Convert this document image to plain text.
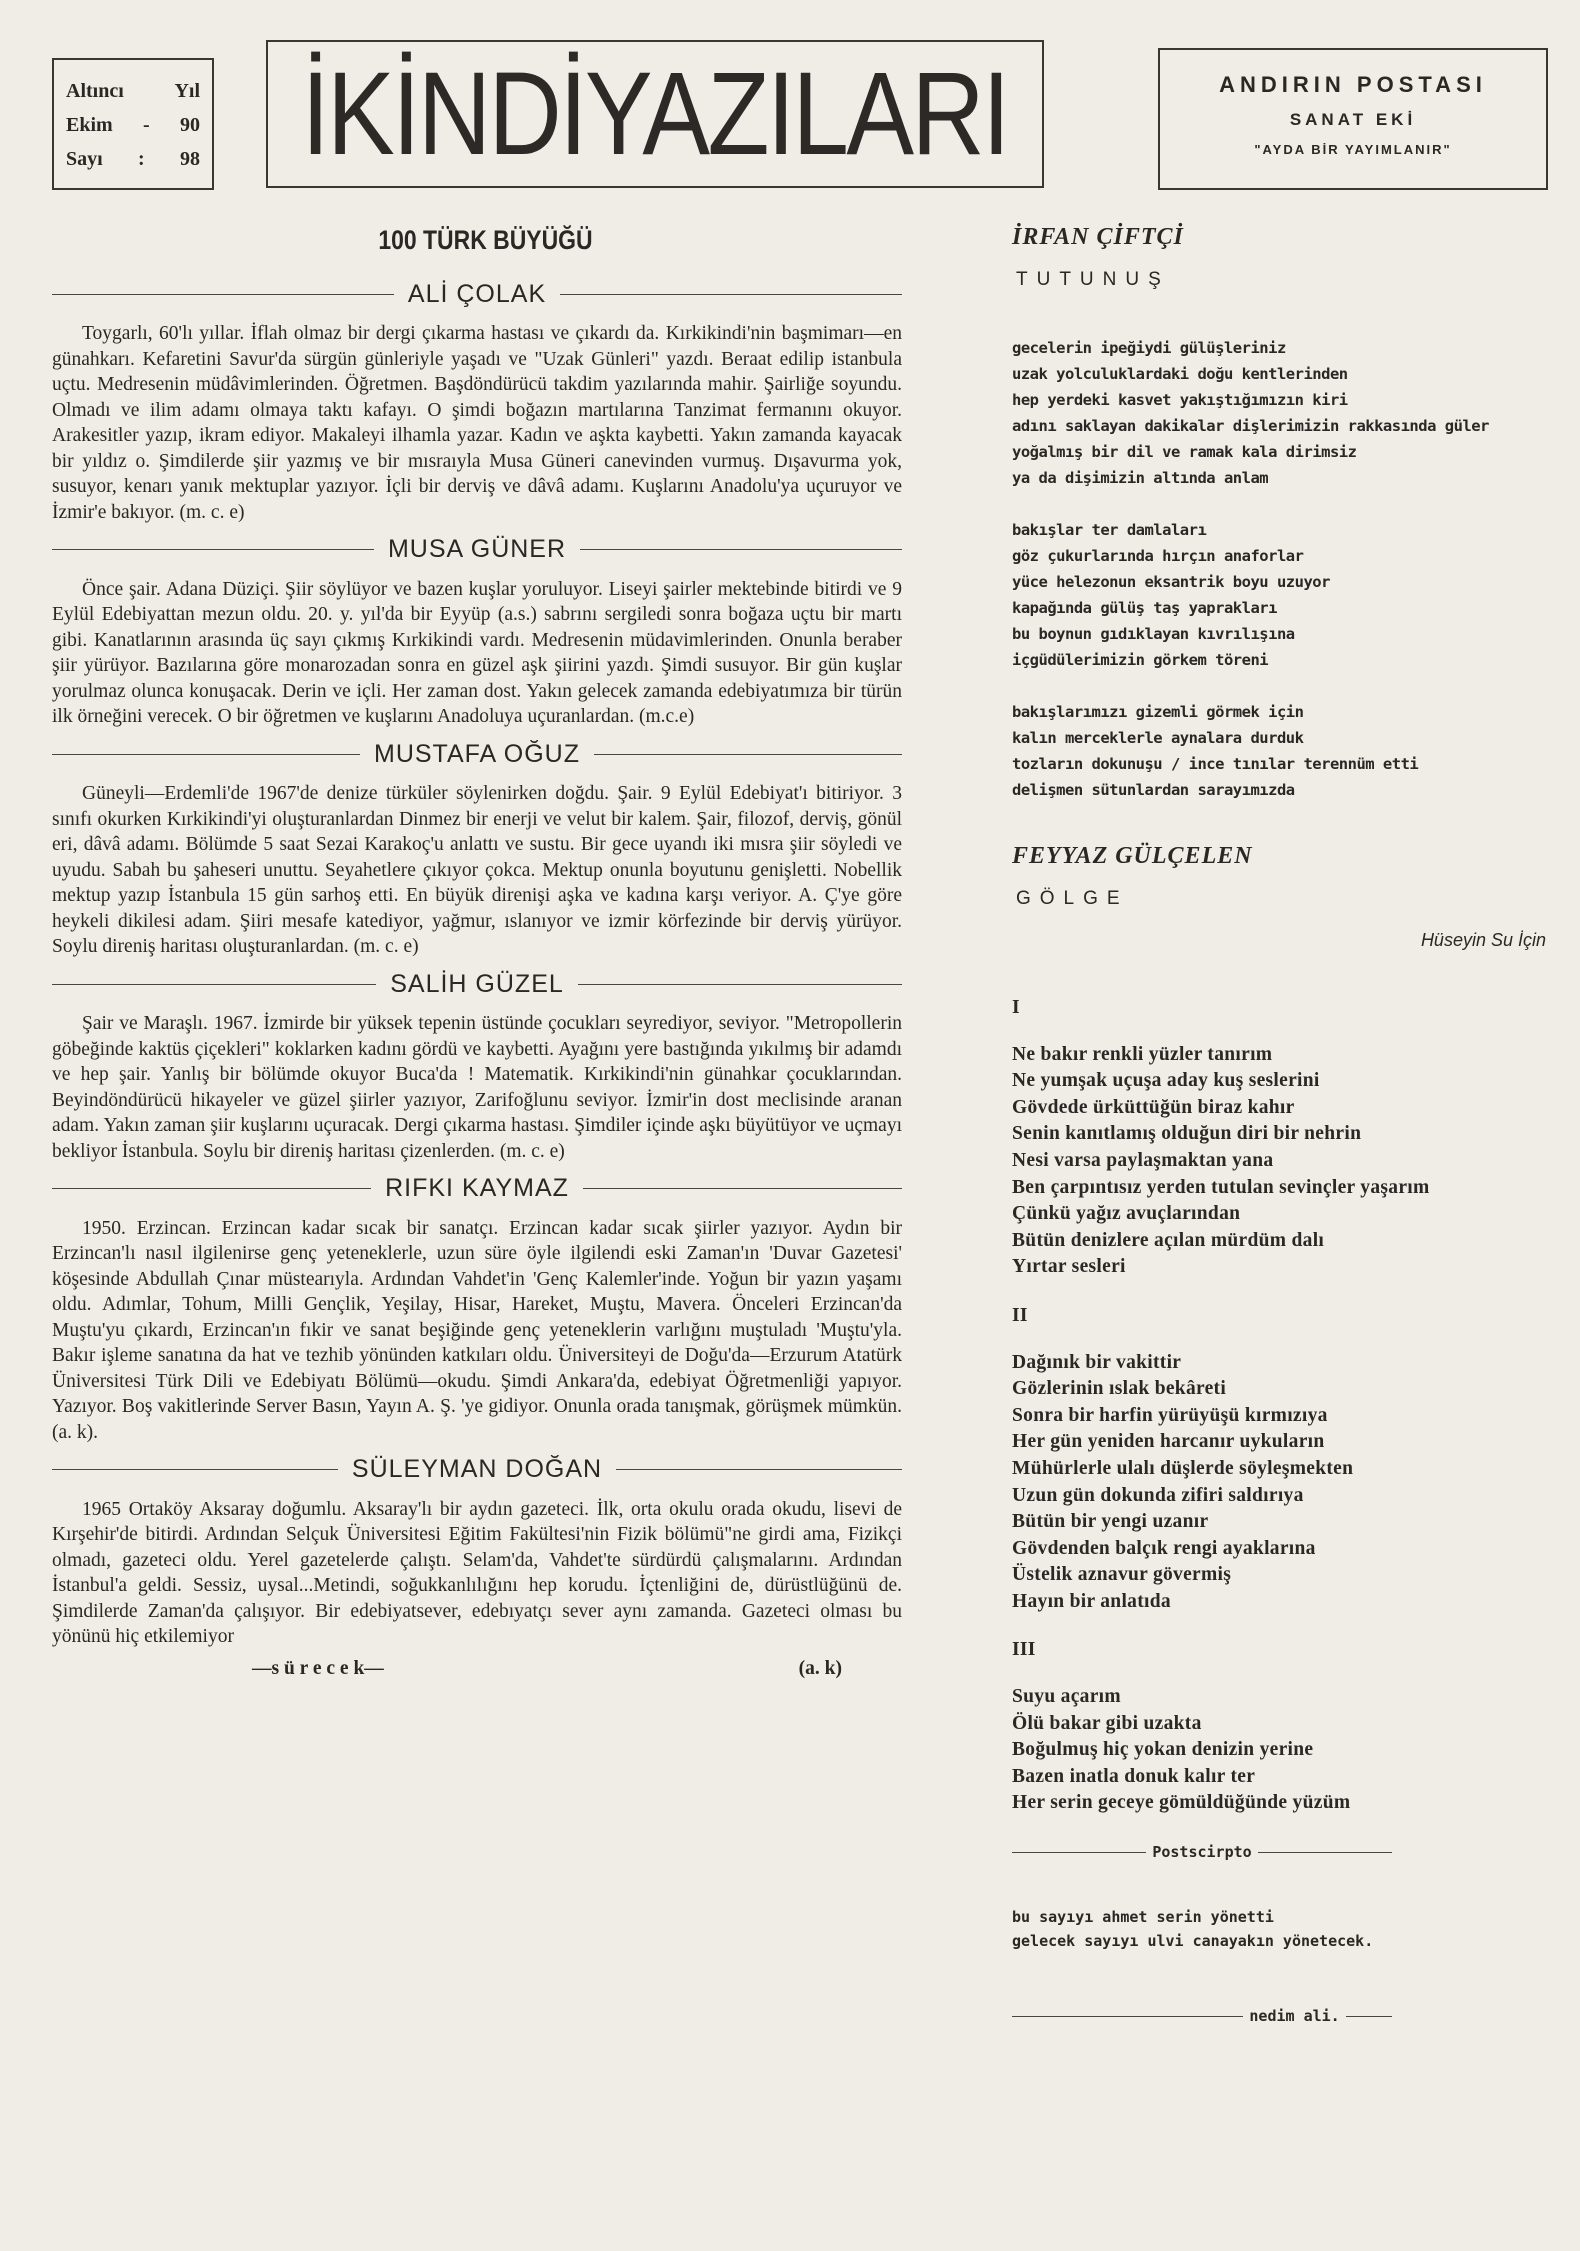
Altıncı	Yıl
Ekim - 90
Sayı : 98 İKİNDİYAZILARI	ANDIRIN POSTASI
SANAT EKİ
"AYDA BİR YAYIMLANIR"
100 TÜRK BÜYÜĞÜ
ALİ ÇOLAK

Toygarlı, 60'lı yıllar. İflah olmaz bir dergi çıkarma hastası ve çıkardı da. Kırkikindi'nin başmimarı—en günahkarı. Kefaretini Savur'da sürgün günleriyle yaşadı ve "Uzak Günleri" yazdı. Beraat edilip istanbula uçtu. Medresenin müdâvimlerinden. Öğretmen. Başdöndürücü takdim yazılarında mahir. Şairliğe soyundu. Olmadı ve ilim adamı olmaya taktı kafayı. O şimdi boğazın martılarına Tanzimat fermanını okuyor. Arakesitler yazıp, ikram ediyor. Makaleyi ilhamla yazar. Kadın ve aşkta kaybetti. Yakın zamanda kayacak bir yıldız o. Şimdilerde şiir yazmış ve bir mısraıyla Musa Güneri canevinden vurmuş. Dışavurma yok, susuyor, kenarı yanık mektuplar yazıyor. İçli bir derviş ve dâvâ adamı. Kuşlarını Anadolu'ya uçuruyor ve İzmir'e bakıyor. (m. c. e)

MUSA GÜNER

Önce şair. Adana Düziçi. Şiir söylüyor ve bazen kuşlar yoruluyor. Liseyi şairler mektebinde bitirdi ve 9 Eylül Edebiyattan mezun oldu. 20. y. yıl'da bir Eyyüp (a.s.) sabrını sergiledi sonra boğaza uçtu bir martı gibi. Kanatlarının arasında üç sayı çıkmış Kırkikindi vardı. Medresenin müdavimlerinden. Onunla beraber şiir yürüyor. Bazılarına göre monarozadan sonra en güzel aşk şiirini yazdı. Şimdi susuyor. Bir gün kuşlar yorulmaz olunca konuşacak. Derin ve içli. Her zaman dost. Yakın gelecek zamanda edebiyatımıza bir türün ilk örneğini verecek. O bir öğretmen ve kuşlarını Anadoluya uçuranlardan. (m.c.e)

MUSTAFA OĞUZ

Güneyli—Erdemli'de 1967'de denize türküler söylenirken doğdu. Şair. 9 Eylül Edebiyat'ı bitiriyor. 3 sınıfı okurken Kırkikindi'yi oluşturanlardan Dinmez bir enerji ve velut bir kalem. Şair, filozof, derviş, gönül eri, dâvâ adamı. Bölümde 5 saat Sezai Karakoç'u anlattı ve sustu. Bir gece uyandı iki mısra şiir söyledi ve uyudu. Sabah bu şaheseri unuttu. Seyahetlere çıkıyor çokca. Mektup onunla boyutunu genişletti. Nobellik mektup yazıp İstanbula 15 gün sarhoş etti. En büyük direnişi aşka ve kadına karşı veriyor. A. Ç'ye göre heykeli dikilesi adam. Şiiri mesafe katediyor, yağmur, ıslanıyor ve izmir körfezinde bir derviş yürüyor. Soylu direniş haritası oluşturanlardan. (m. c. e)

SALİH GÜZEL

Şair ve Maraşlı. 1967. İzmirde bir yüksek tepenin üstünde çocukları seyrediyor, seviyor. "Metropollerin göbeğinde kaktüs çiçekleri" koklarken kadını gördü ve kaybetti. Ayağını yere bastığında yıkılmış bir adamdı ve hep şair. Yanlış bir bölümde okuyor Buca'da ! Matematik. Kırkikindi'nin günahkar çocuklarından. Beyindöndürücü hikayeler ve güzel şiirler yazıyor, Zarifoğlunu seviyor. İzmir'in dost meclisinde aranan adam. Yakın zaman şiir kuşlarını uçuracak. Dergi çıkarma hastası. Şimdiler içinde aşkı büyütüyor ve uçmayı bekliyor İstanbula. Soylu bir direniş haritası çizenlerden. (m. c. e)

RIFKI KAYMAZ

1950. Erzincan. Erzincan kadar sıcak bir sanatçı. Erzincan kadar sıcak şiirler yazıyor. Aydın bir Erzincan'lı nasıl ilgilenirse genç yeteneklerle, uzun süre öyle ilgilendi eski Zaman'ın 'Duvar Gazetesi' köşesinde Abdullah Çınar müstearıyla. Ardından Vahdet'in 'Genç Kalemler'inde. Yoğun bir yazın yaşamı oldu. Adımlar, Tohum, Milli Gençlik, Yeşilay, Hisar, Hareket, Muştu, Mavera. Önceleri Erzincan'da Muştu'yu çıkardı, Erzincan'ın fıkir ve sanat beşiğinde genç yeteneklerin varlığını muştuladı 'Muştu'yla. Bakır işleme sanatına da hat ve tezhib yönünden katkıları oldu. Üniversiteyi de Doğu'da—Erzurum Atatürk Üniversitesi Türk Dili ve Edebiyatı Bölümü—okudu. Şimdi Ankara'da, edebiyat Öğretmenliği yapıyor. Yazıyor. Boş vakitlerinde Server Basın, Yayın A. Ş. 'ye gidiyor. Onunla orada tanışmak, görüşmek mümkün. (a. k).

SÜLEYMAN DOĞAN

1965 Ortaköy Aksaray doğumlu. Aksaray'lı bir aydın gazeteci. İlk, orta okulu orada okudu, lisevi de Kırşehir'de bitirdi. Ardından Selçuk Üniversitesi Eğitim Fakültesi'nin Fizik bölümü"ne girdi ama, Fizikçi olmadı, gazeteci oldu. Yerel gazetelerde çalıştı. Selam'da, Vahdet'te sürdürdü çalışmalarını. Ardından İstanbul'a geldi. Sessiz, uysal...Metindi, soğukkanlılığını hep korudu. İçtenliğini de, dürüstlüğünü de. Şimdilerde Zaman'da çalışıyor. Bir edebiyatsever, edebıyatçı sever aynı zamanda. Gazeteci olması bu yönünü hiç etkilemiyor

—s ü r e c e k—	(a. k)
İRFAN ÇİFTÇİ
TUTUNUŞ
gecelerin ipeğiydi gülüşleriniz
uzak yolculuklardaki doğu kentlerinden
hep yerdeki kasvet yakıştığımızın kiri
adını saklayan dakikalar dişlerimizin rakkasında güler
yoğalmış bir dil ve ramak kala dirimsiz
ya da dişimizin altında anlam
bakışlar ter damlaları
göz çukurlarında hırçın anaforlar
yüce helezonun eksantrik boyu uzuyor
kapağında gülüş taş yaprakları
bu boynun gıdıklayan kıvrılışına
içgüdülerimizin görkem töreni
bakışlarımızı gizemli görmek için
kalın merceklerle aynalara durduk
tozların dokunuşu / ince tınılar terennüm etti
delişmen sütunlardan sarayımızda
FEYYAZ GÜLÇELEN
GÖLGE
Hüseyin Su İçin
I
Ne bakır renkli yüzler tanırım
Ne yumşak uçuşa aday kuş seslerini
Gövdede ürküttüğün biraz kahır
Senin kanıtlamış olduğun diri bir nehrin
Nesi varsa paylaşmaktan yana
Ben çarpıntısız yerden tutulan sevinçler yaşarım
Çünkü yağız avuçlarından
Bütün denizlere açılan mürdüm dalı
Yırtar sesleri
II
Dağınık bir vakittir
Gözlerinin ıslak bekâreti
Sonra bir harfin yürüyüşü kırmızıya
Her gün yeniden harcanır uykuların
Mühürlerle ulalı düşlerde söyleşmekten
Uzun gün dokunda zifiri saldırıya
Bütün bir yengi uzanır
Gövdenden balçık rengi ayaklarına
Üstelik aznavur gövermiş
Hayın bir anlatıda
III
Suyu açarım
Ölü bakar gibi uzakta
Boğulmuş hiç yokan denizin yerine
Bazen inatla donuk kalır ter
Her serin geceye gömüldüğünde yüzüm
Postscirpto
bu sayıyı ahmet serin yönetti
gelecek sayıyı ulvi canayakın yönetecek.
nedim ali.
